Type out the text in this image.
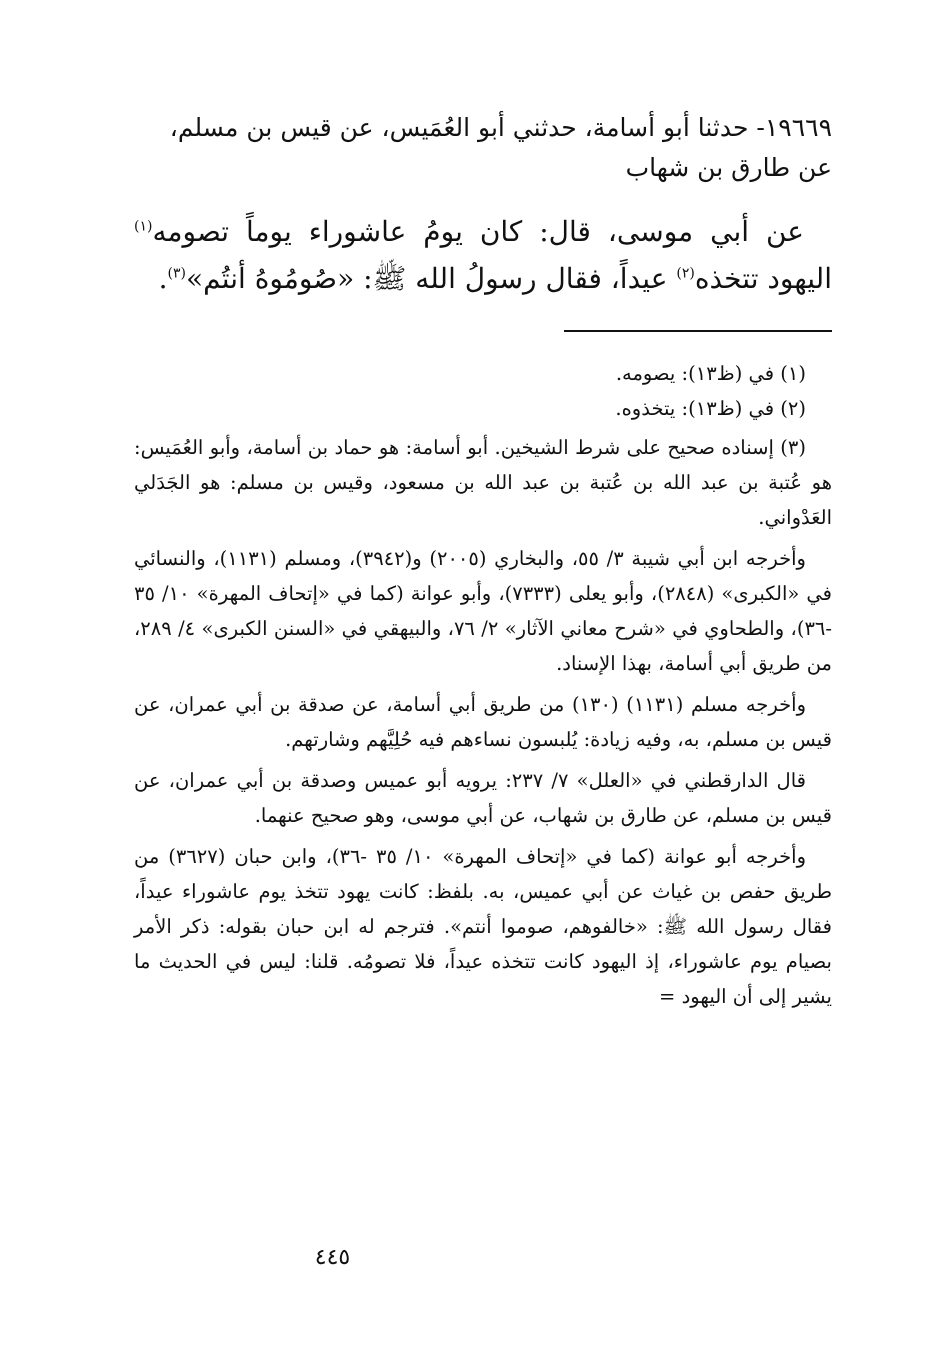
١٩٦٦٩- حدثنا أبو أسامة، حدثني أبو العُمَيس، عن قيس بن مسلم،
عن طارق بن شهاب

عن أبي موسى، قال: كان يومُ عاشوراء يوماً تصومه$^{(١)}$ اليهود تتخذه$^{(٢)}$ عيداً، فقال رسولُ الله ﷺ: «صُومُوهُ أنتُم»$^{(٣)}$.

(١) في (ظ١٣): يصومه.

(٢) في (ظ١٣): يتخذوه.

(٣) إسناده صحيح على شرط الشيخين. أبو أسامة: هو حماد بن أسامة، وأبو العُمَيس: هو عُتبة بن عبد الله بن عُتبة بن عبد الله بن مسعود، وقيس بن مسلم: هو الجَدَلي العَدْواني.

وأخرجه ابن أبي شيبة ٣/ ٥٥، والبخاري (٢٠٠٥) و(٣٩٤٢)، ومسلم (١١٣١)، والنسائي في «الكبرى» (٢٨٤٨)، وأبو يعلى (٧٣٣٣)، وأبو عوانة (كما في «إتحاف المهرة» ١٠/ ٣٥ -٣٦)، والطحاوي في «شرح معاني الآثار» ٢/ ٧٦، والبيهقي في «السنن الكبرى» ٤/ ٢٨٩، من طريق أبي أسامة، بهذا الإسناد.

وأخرجه مسلم (١١٣١) (١٣٠) من طريق أبي أسامة، عن صدقة بن أبي عمران، عن قيس بن مسلم، به، وفيه زيادة: يُلبسون نساءهم فيه حُلِيَّهم وشارتهم.

قال الدارقطني في «العلل» ٧/ ٢٣٧: يرويه أبو عميس وصدقة بن أبي عمران، عن قيس بن مسلم، عن طارق بن شهاب، عن أبي موسى، وهو صحيح عنهما.

وأخرجه أبو عوانة (كما في «إتحاف المهرة» ١٠/ ٣٥ -٣٦)، وابن حبان (٣٦٢٧) من طريق حفص بن غياث عن أبي عميس، به. بلفظ: كانت يهود تتخذ يوم عاشوراء عيداً، فقال رسول الله ﷺ: «خالفوهم، صوموا أنتم». فترجم له ابن حبان بقوله: ذكر الأمر بصيام يوم عاشوراء، إذ اليهود كانت تتخذه عيداً، فلا تصومُه. قلنا: ليس في الحديث ما يشير إلى أن اليهود =

٤٤٥
